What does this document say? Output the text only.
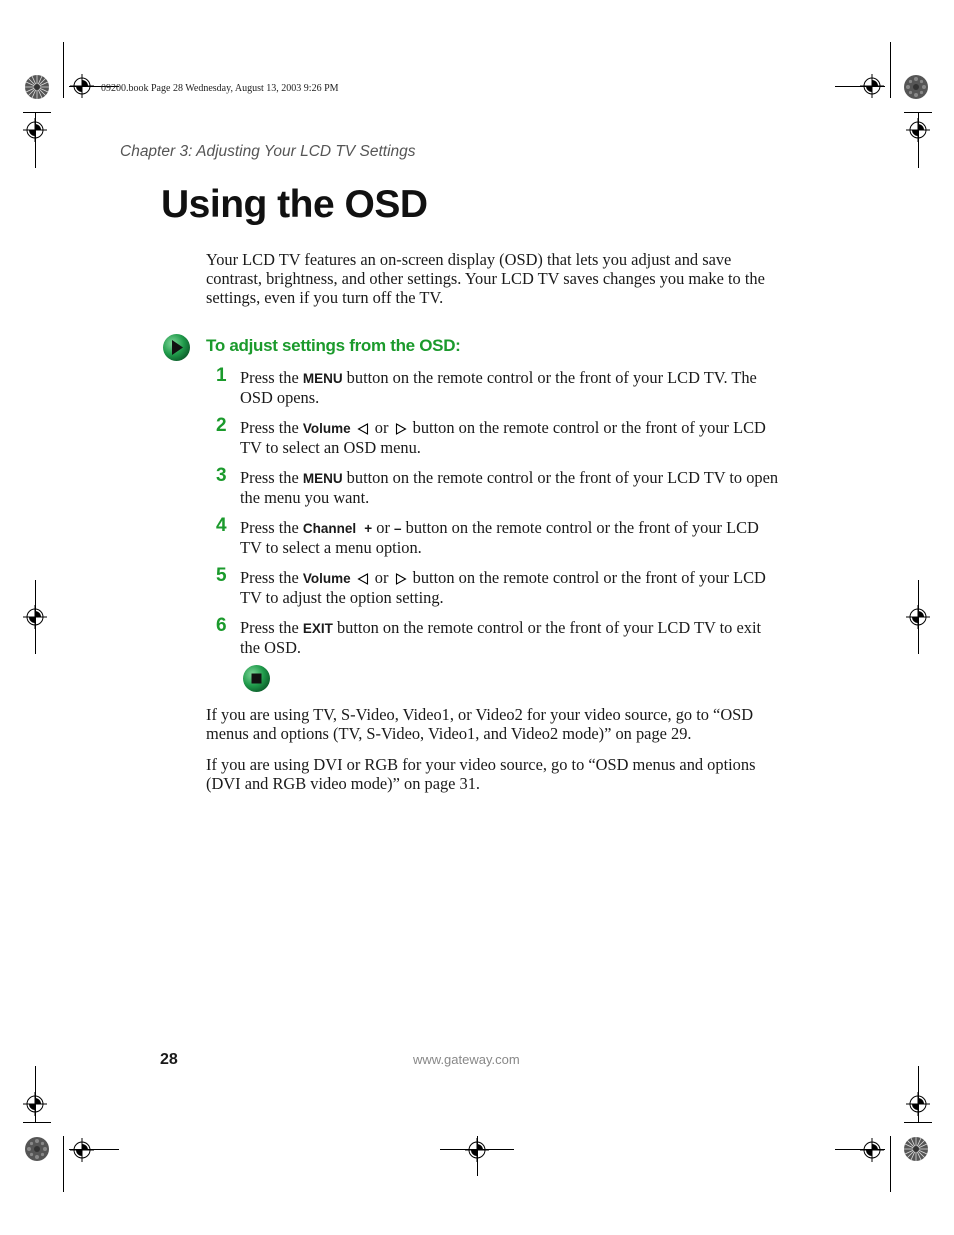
09200.book Page 28 Wednesday, August 13, 2003 9:26 PM
Chapter 3: Adjusting Your LCD TV Settings
Using the OSD

Your LCD TV features an on-screen display (OSD) that lets you adjust and save contrast, brightness, and other settings. Your LCD TV saves changes you make to the settings, even if you turn off the TV.

To adjust settings from the OSD:
1 Press the MENU button on the remote control or the front of your LCD TV. The OSD opens.

2 Press the Volume  or  button on the remote control or the front of your LCD TV to select an OSD menu.

3 Press the MENU button on the remote control or the front of your LCD TV to open the menu you want.

4 Press the Channel + or – button on the remote control or the front of your LCD TV to select a menu option.

5 Press the Volume  or  button on the remote control or the front of your LCD TV to adjust the option setting.

6 Press the EXIT button on the remote control or the front of your LCD TV to exit the OSD.

If you are using TV, S-Video, Video1, or Video2 for your video source, go to “OSD menus and options (TV, S-Video, Video1, and Video2 mode)” on page 29.

If you are using DVI or RGB for your video source, go to “OSD menus and options (DVI and RGB video mode)” on page 31.

28	www.gateway.com
